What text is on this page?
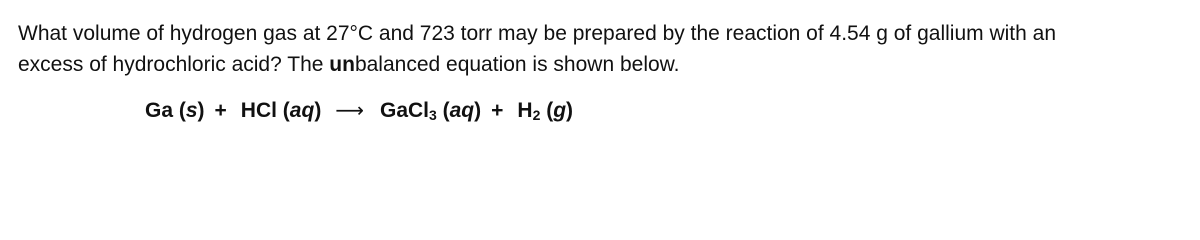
What volume of hydrogen gas at 27°C and 723 torr may be prepared by the reaction of 4.54 g of gallium with an
excess of hydrochloric acid? The unbalanced equation is shown below.
Ga (s) + HCl (aq) ⟶ GaCl3 (aq) + H2 (g)
